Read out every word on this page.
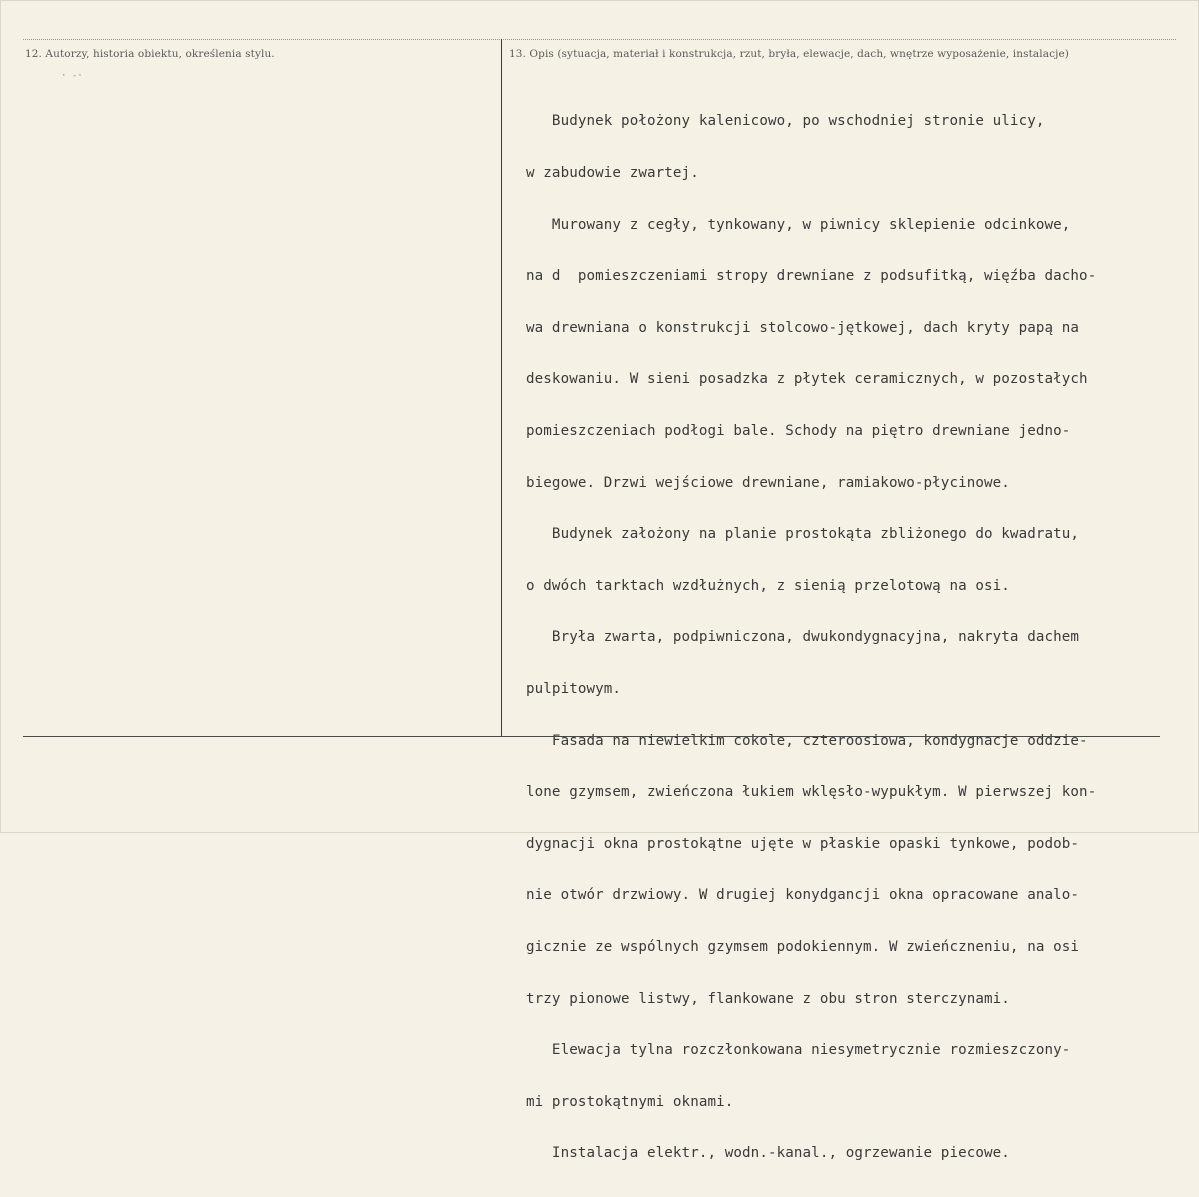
12. Autorzy, historia obiektu, określenia stylu.
· -·
13. Opis (sytuacja, materiał i konstrukcja, rzut, bryła, elewacje, dach, wnętrze wyposażenie, instalacje)

Budynek położony kalenicowo, po wschodniej stronie ulicy,

w zabudowie zwartej.

Murowany z cegły, tynkowany, w piwnicy sklepienie odcinkowe,

na d  pomieszczeniami stropy drewniane z podsufitką, więźba dacho-

wa drewniana o konstrukcji stolcowo-jętkowej, dach kryty papą na

deskowaniu. W sieni posadzka z płytek ceramicznych, w pozostałych

pomieszczeniach podłogi bale. Schody na piętro drewniane jedno-

biegowe. Drzwi wejściowe drewniane, ramiakowo-płycinowe.

Budynek założony na planie prostokąta zbliżonego do kwadratu,

o dwóch tarktach wzdłużnych, z sienią przelotową na osi.

Bryła zwarta, podpiwniczona, dwukondygnacyjna, nakryta dachem

pulpitowym.

Fasada na niewielkim cokole, czteroosiowa, kondygnacje oddzie-

lone gzymsem, zwieńczona łukiem wklęsło-wypukłym. W pierwszej kon-

dygnacji okna prostokątne ujęte w płaskie opaski tynkowe, podob-

nie otwór drzwiowy. W drugiej konydgancji okna opracowane analo-

gicznie ze wspólnych gzymsem podokiennym. W zwieńczneniu, na osi

trzy pionowe listwy, flankowane z obu stron sterczynami.

Elewacja tylna rozczłonkowana niesymetrycznie rozmieszczony-

mi prostokątnymi oknami.

Instalacja elektr., wodn.-kanal., ogrzewanie piecowe.
